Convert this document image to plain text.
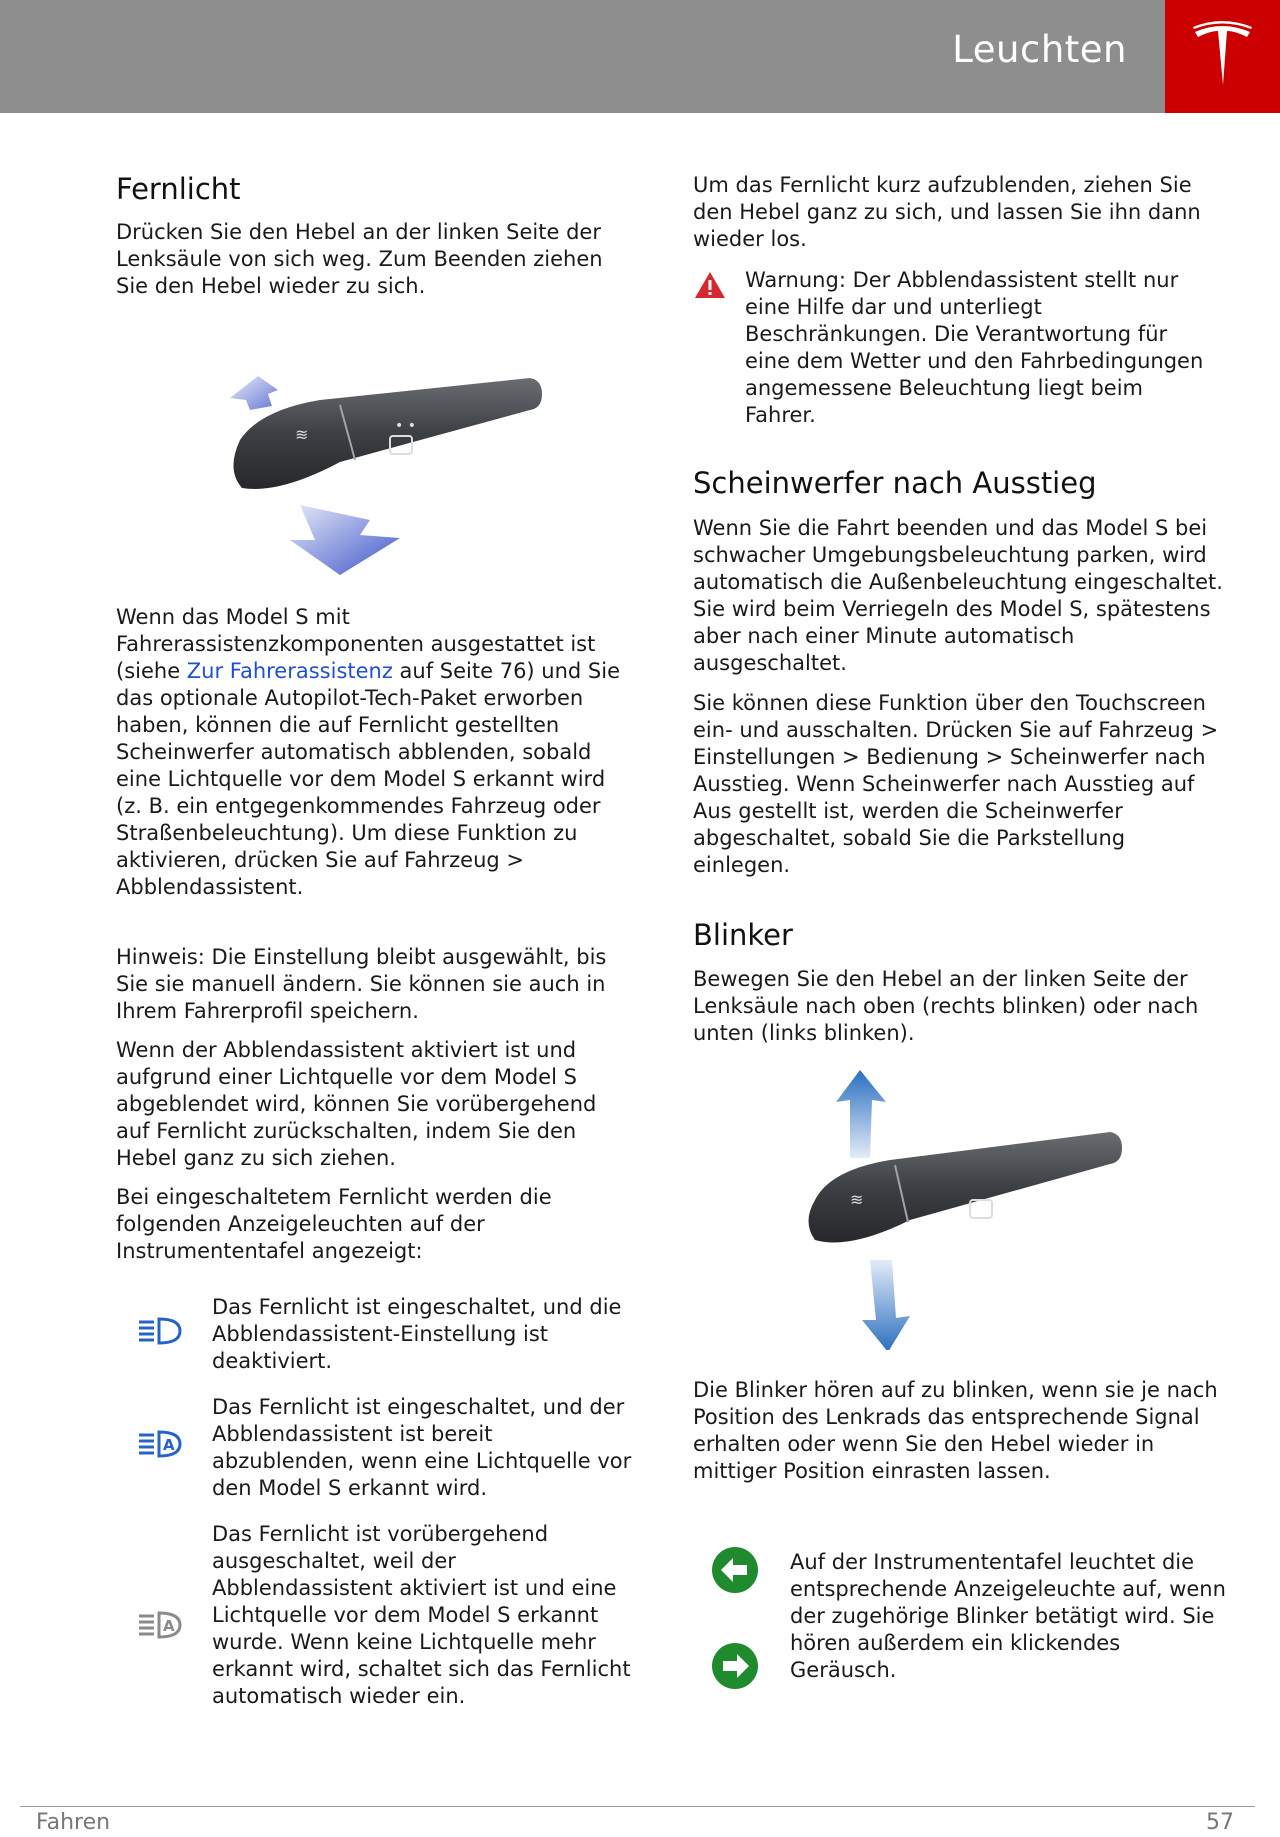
Leuchten
Fernlicht

Drücken Sie den Hebel an der linken Seite der Lenksäule von sich weg. Zum Beenden ziehen Sie den Hebel wieder zu sich.

• •
≋

Wenn das Model S mit Fahrerassistenzkomponenten ausgestattet ist (siehe Zur Fahrerassistenz auf Seite 76) und Sie das optionale Autopilot-Tech-Paket erworben haben, können die auf Fernlicht gestellten Scheinwerfer automatisch abblenden, sobald eine Lichtquelle vor dem Model S erkannt wird (z. B. ein entgegenkommendes Fahrzeug oder Straßenbeleuchtung). Um diese Funktion zu aktivieren, drücken Sie auf Fahrzeug > Abblendassistent.

Hinweis: Die Einstellung bleibt ausgewählt, bis Sie sie manuell ändern. Sie können sie auch in Ihrem Fahrerprofil speichern.

Wenn der Abblendassistent aktiviert ist und aufgrund einer Lichtquelle vor dem Model S abgeblendet wird, können Sie vorübergehend auf Fernlicht zurückschalten, indem Sie den Hebel ganz zu sich ziehen.

Bei eingeschaltetem Fernlicht werden die folgenden Anzeigeleuchten auf der Instrumententafel angezeigt:

Das Fernlicht ist eingeschaltet, und die Abblendassistent-Einstellung ist deaktiviert.

A

Das Fernlicht ist eingeschaltet, und der Abblendassistent ist bereit abzublenden, wenn eine Lichtquelle vor den Model S erkannt wird.

A

Das Fernlicht ist vorübergehend ausgeschaltet, weil der Abblendassistent aktiviert ist und eine Lichtquelle vor dem Model S erkannt wurde. Wenn keine Lichtquelle mehr erkannt wird, schaltet sich das Fernlicht automatisch wieder ein.

Um das Fernlicht kurz aufzublenden, ziehen Sie den Hebel ganz zu sich, und lassen Sie ihn dann wieder los.

Warnung: Der Abblendassistent stellt nur eine Hilfe dar und unterliegt Beschränkungen. Die Verantwortung für eine dem Wetter und den Fahrbedingungen angemessene Beleuchtung liegt beim Fahrer.

Scheinwerfer nach Ausstieg

Wenn Sie die Fahrt beenden und das Model S bei schwacher Umgebungsbeleuchtung parken, wird automatisch die Außenbeleuchtung eingeschaltet. Sie wird beim Verriegeln des Model S, spätestens aber nach einer Minute automatisch ausgeschaltet.

Sie können diese Funktion über den Touchscreen ein- und ausschalten. Drücken Sie auf Fahrzeug > Einstellungen > Bedienung > Scheinwerfer nach Ausstieg. Wenn Scheinwerfer nach Ausstieg auf Aus gestellt ist, werden die Scheinwerfer abgeschaltet, sobald Sie die Parkstellung einlegen.

Blinker

Bewegen Sie den Hebel an der linken Seite der Lenksäule nach oben (rechts blinken) oder nach unten (links blinken).

≋

Die Blinker hören auf zu blinken, wenn sie je nach Position des Lenkrads das entsprechende Signal erhalten oder wenn Sie den Hebel wieder in mittiger Position einrasten lassen.

Auf der Instrumententafel leuchtet die entsprechende Anzeigeleuchte auf, wenn der zugehörige Blinker betätigt wird. Sie hören außerdem ein klickendes Geräusch.

Fahren	57
